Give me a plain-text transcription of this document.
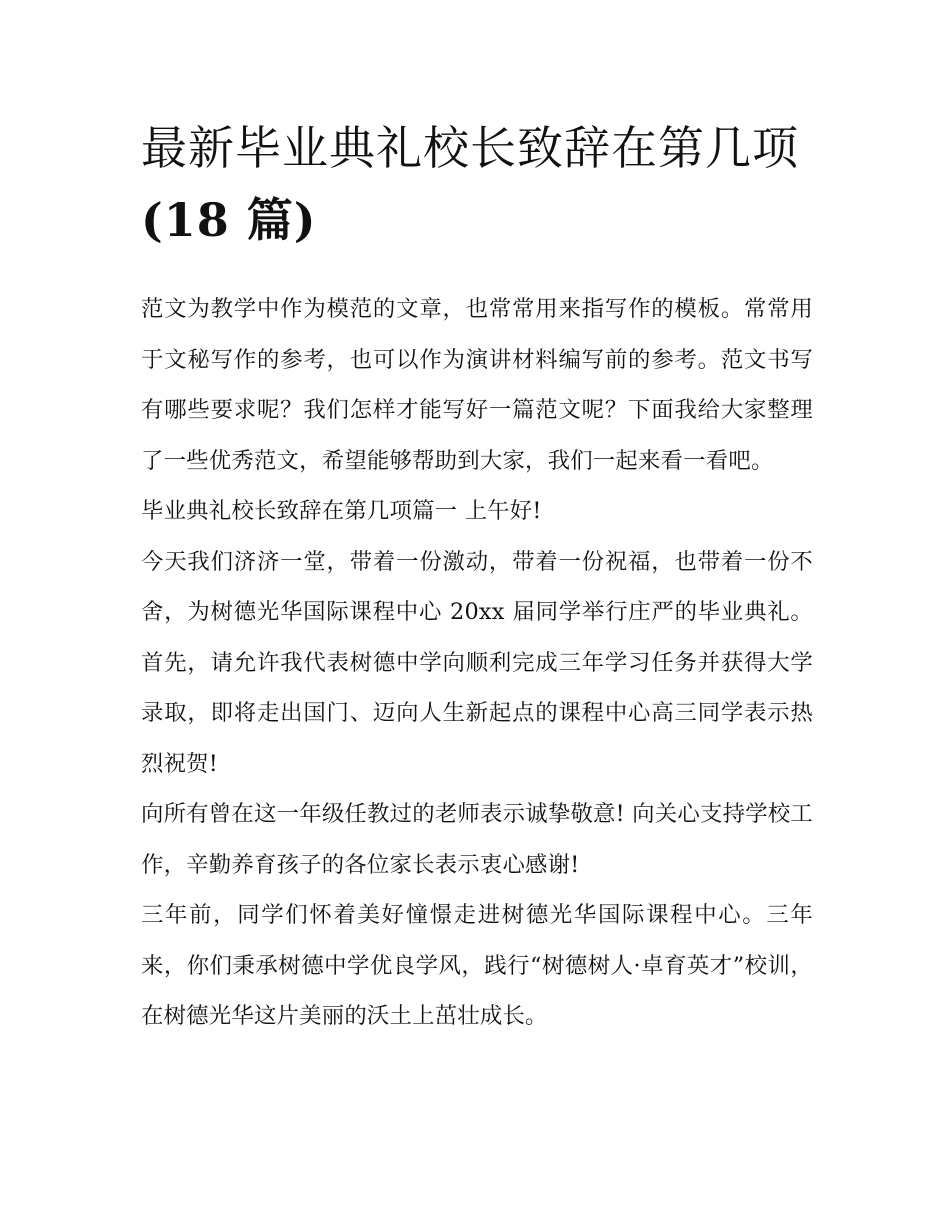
最新毕业典礼校长致辞在第几项
(18 篇)

范文为教学中作为模范的文章，也常常用来指写作的模板。常常用于文秘写作的参考，也可以作为演讲材料编写前的参考。范文书写有哪些要求呢？我们怎样才能写好一篇范文呢？下面我给大家整理了一些优秀范文，希望能够帮助到大家，我们一起来看一看吧。

毕业典礼校长致辞在第几项篇一 上午好!

今天我们济济一堂，带着一份激动，带着一份祝福，也带着一份不舍，为树德光华国际课程中心 20xx 届同学举行庄严的毕业典礼。首先，请允许我代表树德中学向顺利完成三年学习任务并获得大学录取，即将走出国门、迈向人生新起点的课程中心高三同学表示热烈祝贺!

向所有曾在这一年级任教过的老师表示诚挚敬意! 向关心支持学校工作，辛勤养育孩子的各位家长表示衷心感谢!

三年前，同学们怀着美好憧憬走进树德光华国际课程中心。三年来，你们秉承树德中学优良学风，践行“树德树人·卓育英才”校训，在树德光华这片美丽的沃土上茁壮成长。
